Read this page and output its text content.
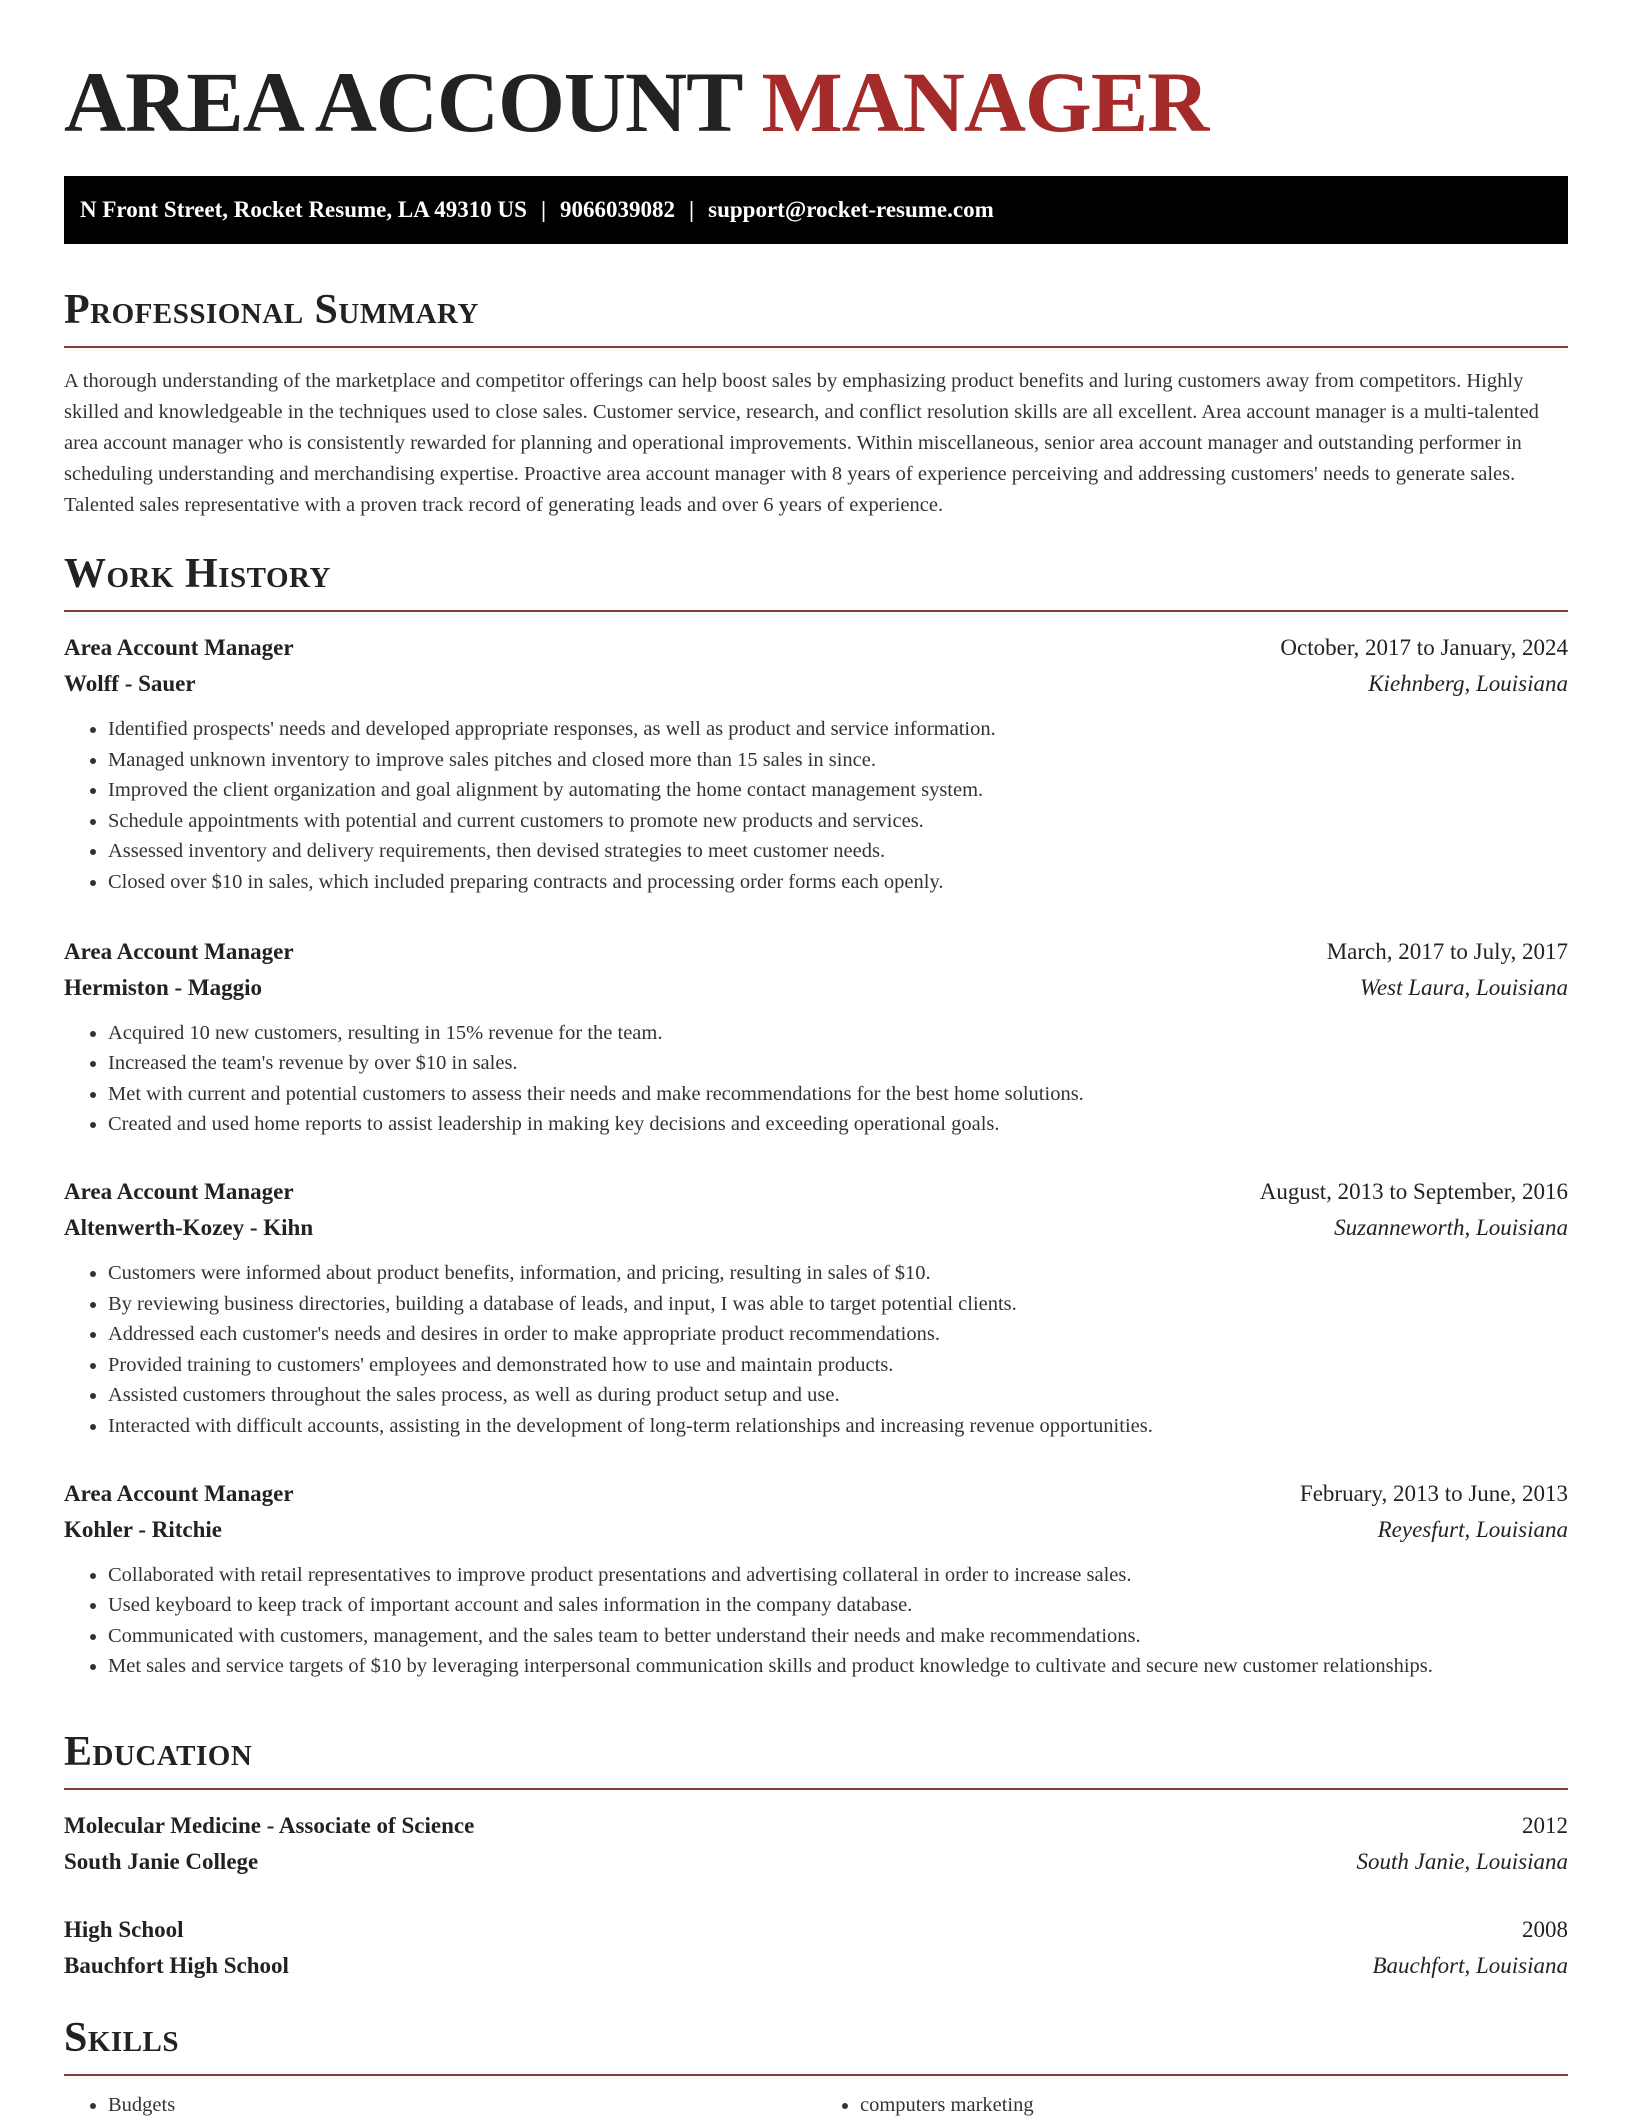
AREA ACCOUNT MANAGER
N Front Street, Rocket Resume, LA 49310 US | 9066039082 | support@rocket-resume.com
Professional Summary

A thorough understanding of the marketplace and competitor offerings can help boost sales by emphasizing product benefits and luring customers away from competitors. Highly skilled and knowledgeable in the techniques used to close sales. Customer service, research, and conflict resolution skills are all excellent. Area account manager is a multi-talented area account manager who is consistently rewarded for planning and operational improvements. Within miscellaneous, senior area account manager and outstanding performer in scheduling understanding and merchandising expertise. Proactive area account manager with 8 years of experience perceiving and addressing customers' needs to generate sales. Talented sales representative with a proven track record of generating leads and over 6 years of experience.

Work History
Area Account Manager	October, 2017 to January, 2024
Wolff - Sauer	Kiehnberg, Louisiana
• Identified prospects' needs and developed appropriate responses, as well as product and service information.
• Managed unknown inventory to improve sales pitches and closed more than 15 sales in since.
• Improved the client organization and goal alignment by automating the home contact management system.
• Schedule appointments with potential and current customers to promote new products and services.
• Assessed inventory and delivery requirements, then devised strategies to meet customer needs.
• Closed over $10 in sales, which included preparing contracts and processing order forms each openly.
Area Account Manager	March, 2017 to July, 2017
Hermiston - Maggio	West Laura, Louisiana
• Acquired 10 new customers, resulting in 15% revenue for the team.
• Increased the team's revenue by over $10 in sales.
• Met with current and potential customers to assess their needs and make recommendations for the best home solutions.
• Created and used home reports to assist leadership in making key decisions and exceeding operational goals.
Area Account Manager	August, 2013 to September, 2016
Altenwerth-Kozey - Kihn	Suzanneworth, Louisiana
• Customers were informed about product benefits, information, and pricing, resulting in sales of $10.
• By reviewing business directories, building a database of leads, and input, I was able to target potential clients.
• Addressed each customer's needs and desires in order to make appropriate product recommendations.
• Provided training to customers' employees and demonstrated how to use and maintain products.
• Assisted customers throughout the sales process, as well as during product setup and use.
• Interacted with difficult accounts, assisting in the development of long-term relationships and increasing revenue opportunities.
Area Account Manager	February, 2013 to June, 2013
Kohler - Ritchie	Reyesfurt, Louisiana
• Collaborated with retail representatives to improve product presentations and advertising collateral in order to increase sales.
• Used keyboard to keep track of important account and sales information in the company database.
• Communicated with customers, management, and the sales team to better understand their needs and make recommendations.
• Met sales and service targets of $10 by leveraging interpersonal communication skills and product knowledge to cultivate and secure new customer relationships.
Education
Molecular Medicine - Associate of Science	2012
South Janie College	South Janie, Louisiana
High School	2008
Bauchfort High School	Bauchfort, Louisiana
Skills
• Budgets
•	computers marketing
